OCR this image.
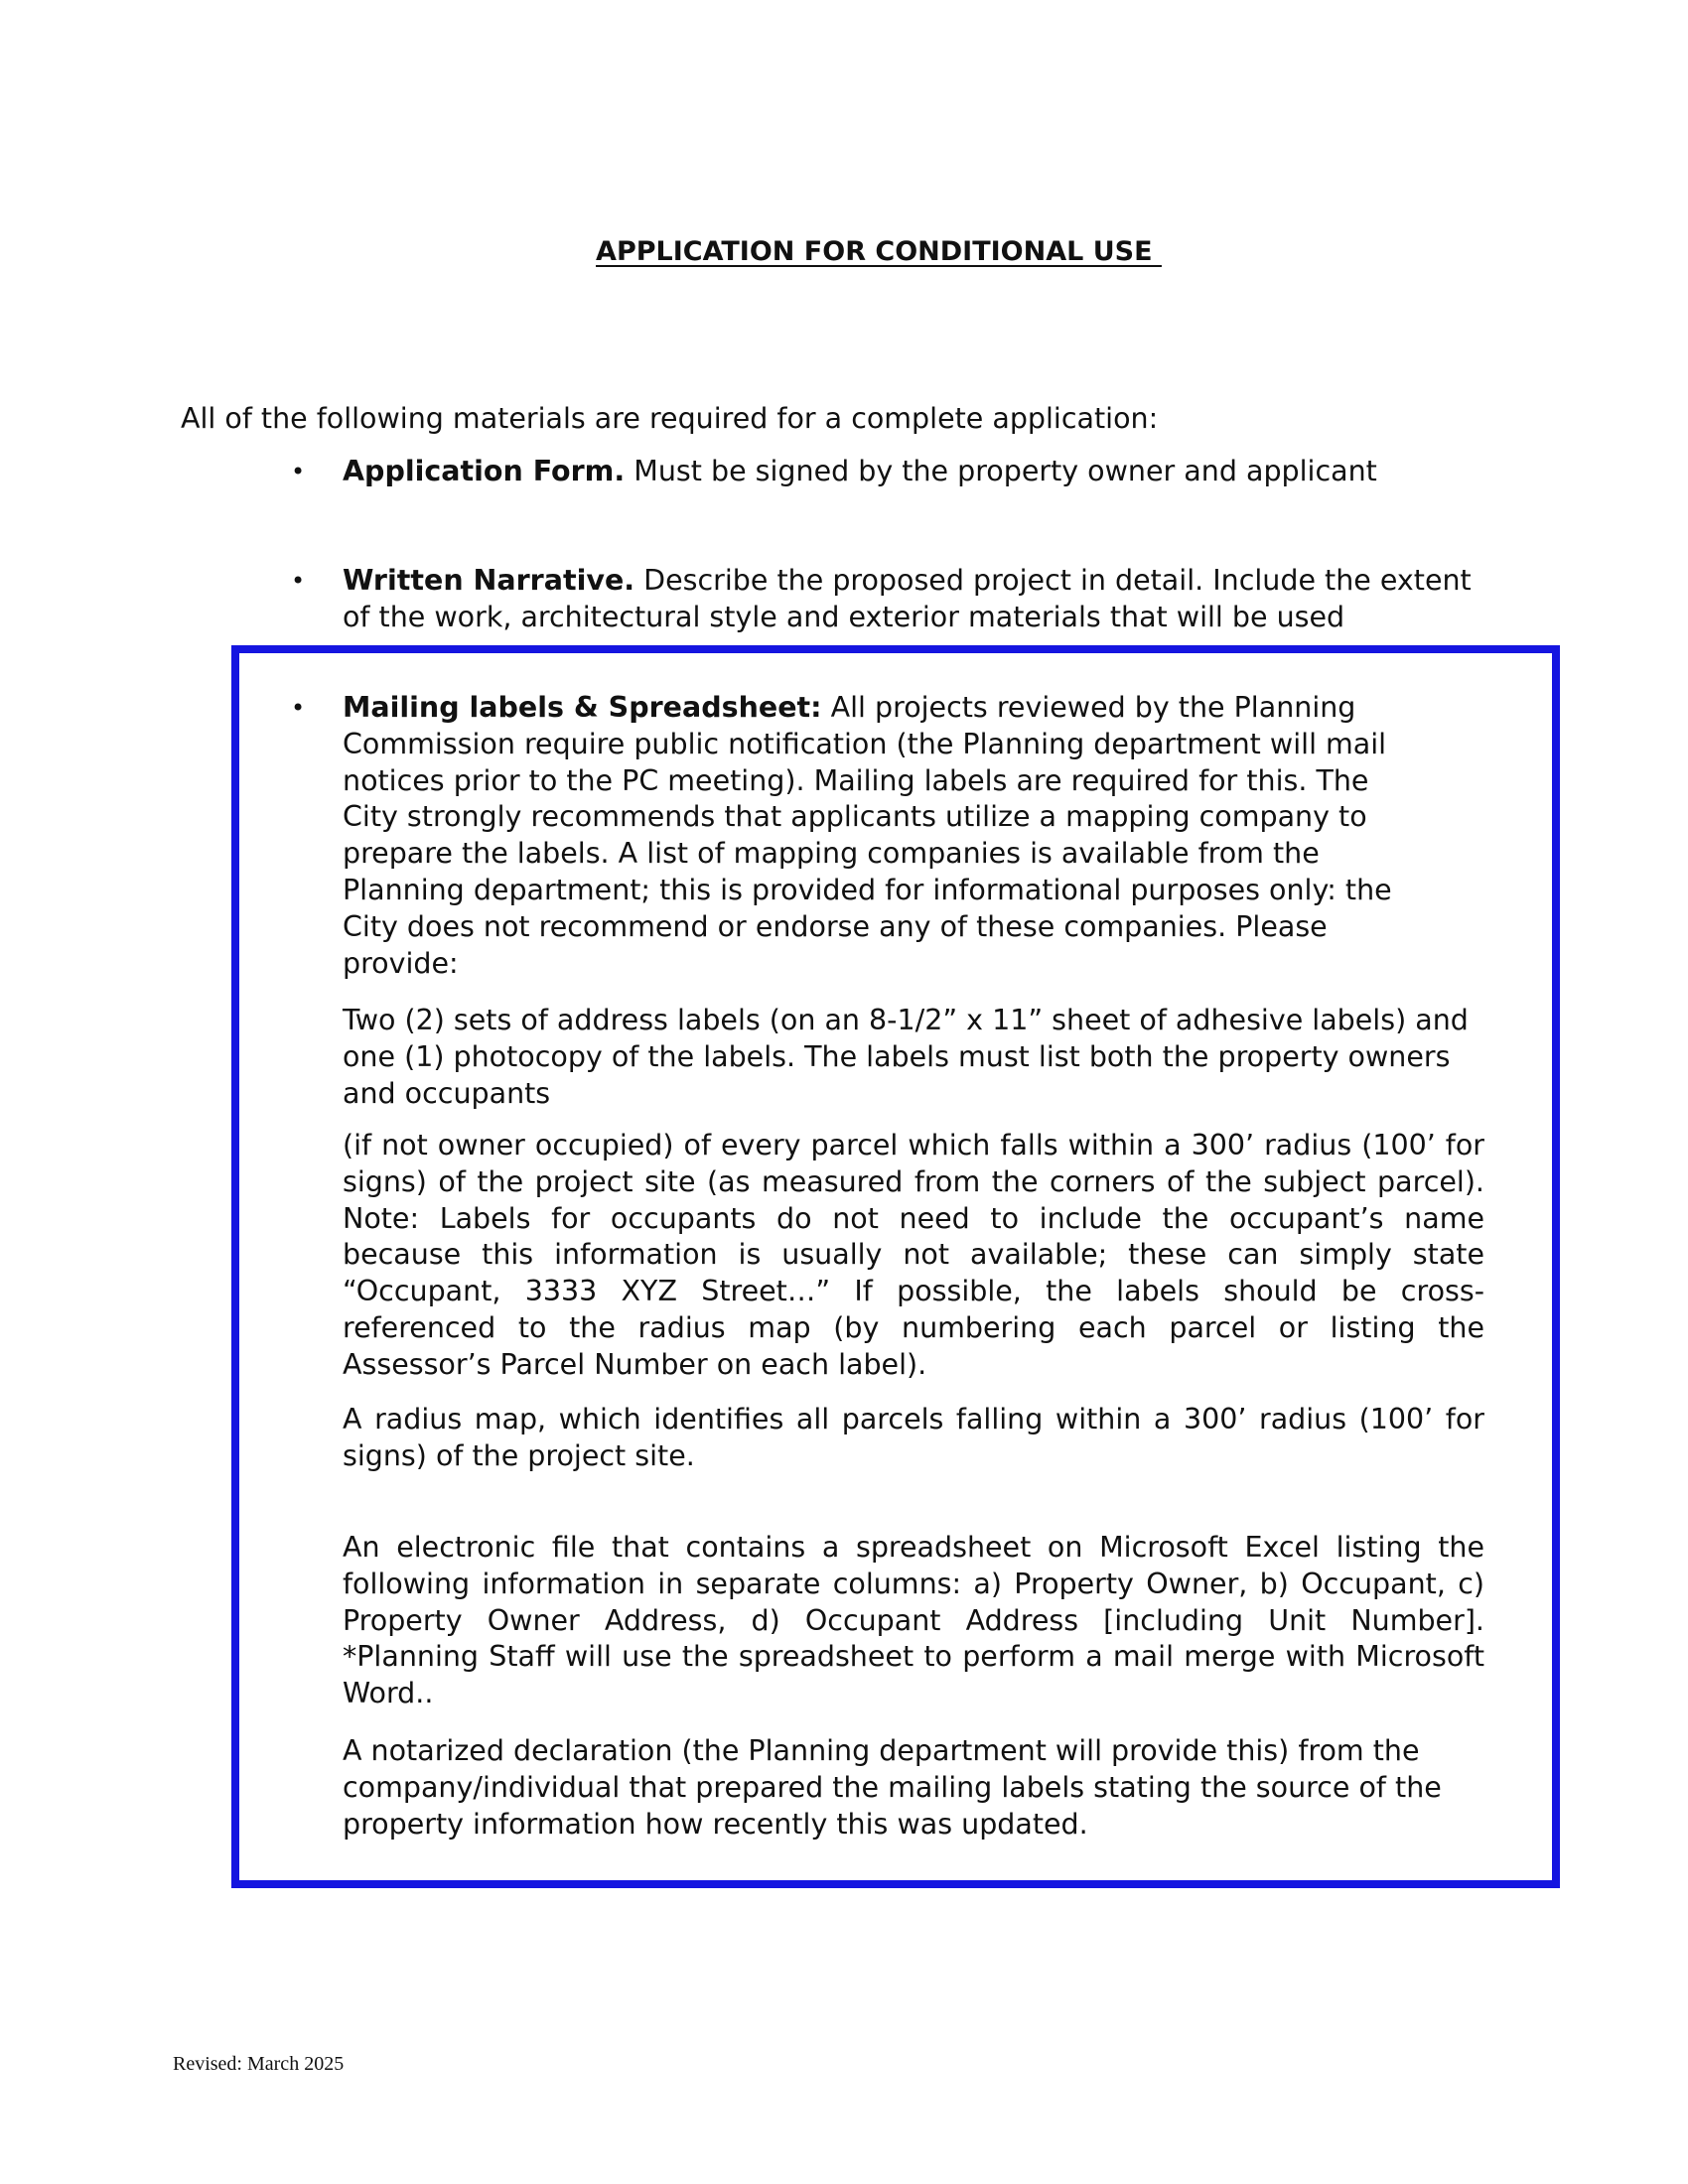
APPLICATION FOR CONDITIONAL USE
All of the following materials are required for a complete application:
• Application Form. Must be signed by the property owner and applicant
• Written Narrative. Describe the proposed project in detail. Include the extent of the work, architectural style and exterior materials that will be used
• Mailing labels & Spreadsheet: All projects reviewed by the Planning Commission require public notification (the Planning department will mail notices prior to the PC meeting). Mailing labels are required for this. The City strongly recommends that applicants utilize a mapping company to prepare the labels. A list of mapping companies is available from the Planning department; this is provided for informational purposes only: the City does not recommend or endorse any of these companies. Please provide:
Two (2) sets of address labels (on an 8-1/2” x 11” sheet of adhesive labels) and one (1) photocopy of the labels. The labels must list both the property owners and occupants
(if not owner occupied) of every parcel which falls within a 300’ radius (100’ for signs) of the project site (as measured from the corners of the subject parcel). Note: Labels for occupants do not need to include the occupant’s name because this information is usually not available; these can simply state “Occupant, 3333 XYZ Street…” If possible, the labels should be cross-referenced to the radius map (by numbering each parcel or listing the Assessor’s Parcel Number on each label).
A radius map, which identifies all parcels falling within a 300’ radius (100’ for signs) of the project site.
An electronic file that contains a spreadsheet on Microsoft Excel listing the following information in separate columns: a) Property Owner, b) Occupant, c) Property Owner Address, d) Occupant Address [including Unit Number]. *Planning Staff will use the spreadsheet to perform a mail merge with Microsoft Word..
A notarized declaration (the Planning department will provide this) from the company/individual that prepared the mailing labels stating the source of the property information how recently this was updated.
Revised: March 2025
